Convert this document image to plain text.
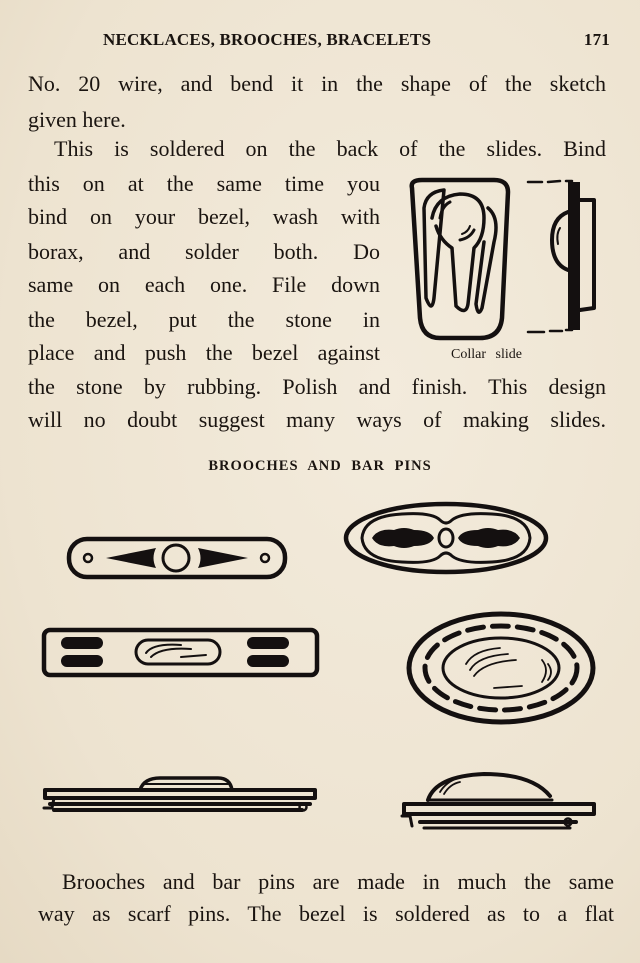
NECKLACES, BROOCHES, BRACELETS	171
No. 20 wire, and bend it in the shape of the sketch
given here.
This is soldered on the back of the slides. Bind
this on at the same time you
bind on your bezel, wash with
borax, and solder both. Do
same on each one. File down
the bezel, put the stone in
place and push the bezel against
the stone by rubbing. Polish and finish. This design
will no doubt suggest many ways of making slides.
Collar slide
BROOCHES AND BAR PINS
Brooches and bar pins are made in much the same
way as scarf pins. The bezel is soldered as to a flat
